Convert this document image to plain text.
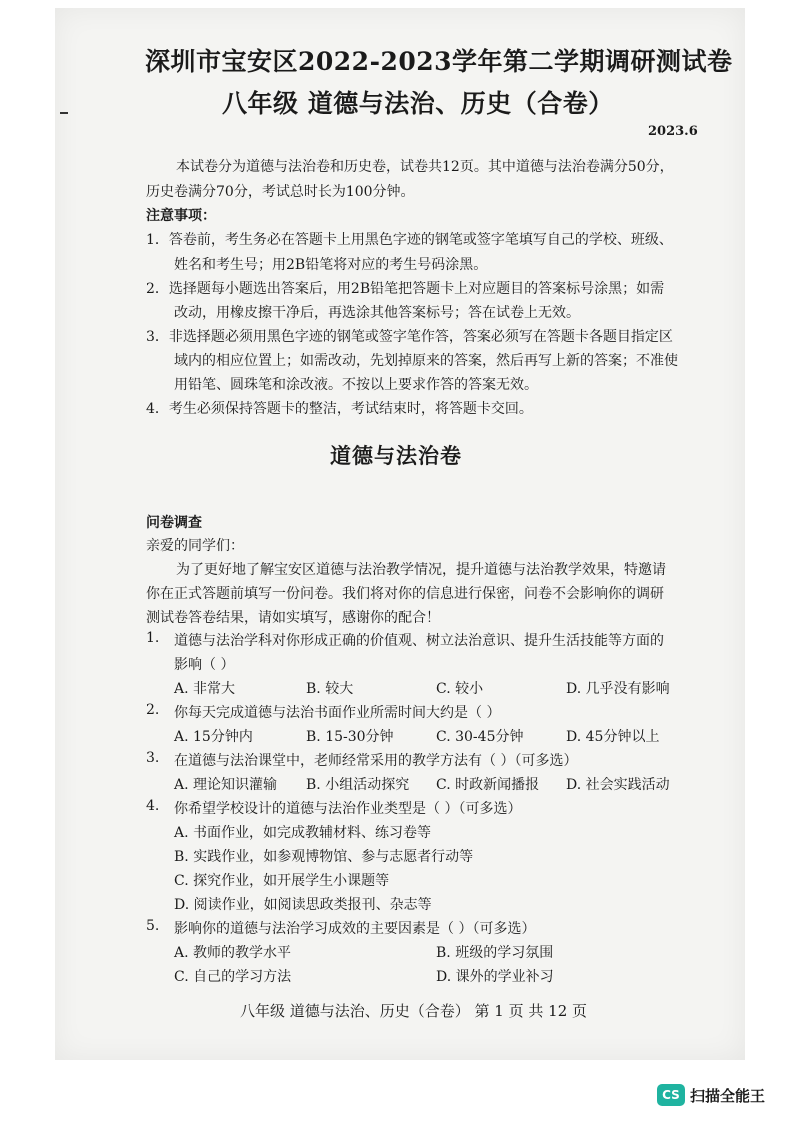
深圳市宝安区2022-2023学年第二学期调研测试卷
八年级 道德与法治、历史（合卷）
2023.6
本试卷分为道德与法治卷和历史卷，试卷共12页。其中道德与法治卷满分50分，
历史卷满分70分，考试总时长为100分钟。
注意事项：
1．答卷前，考生务必在答题卡上用黑色字迹的钢笔或签字笔填写自己的学校、班级、
姓名和考生号；用2B铅笔将对应的考生号码涂黑。
2．选择题每小题选出答案后，用2B铅笔把答题卡上对应题目的答案标号涂黑；如需
改动，用橡皮擦干净后，再选涂其他答案标号；答在试卷上无效。
3．非选择题必须用黑色字迹的钢笔或签字笔作答，答案必须写在答题卡各题目指定区
域内的相应位置上；如需改动，先划掉原来的答案，然后再写上新的答案；不准使
用铅笔、圆珠笔和涂改液。不按以上要求作答的答案无效。
4．考生必须保持答题卡的整洁，考试结束时，将答题卡交回。
道德与法治卷
问卷调查
亲爱的同学们：
为了更好地了解宝安区道德与法治教学情况，提升道德与法治教学效果，特邀请
你在正式答题前填写一份问卷。我们将对你的信息进行保密，问卷不会影响你的调研
测试卷答卷结果，请如实填写，感谢你的配合！
1. 道德与法治学科对你形成正确的价值观、树立法治意识、提升生活技能等方面的
影响（ ）
A. 非常大	B. 较大	C. 较小	D. 几乎没有影响
2. 你每天完成道德与法治书面作业所需时间大约是（ ）
A. 15分钟内	B. 15-30分钟	C. 30-45分钟	D. 45分钟以上
3. 在道德与法治课堂中，老师经常采用的教学方法有（ ）（可多选）
A. 理论知识灌输 B. 小组活动探究 C. 时政新闻播报 D. 社会实践活动
4. 你希望学校设计的道德与法治作业类型是（ ）（可多选）
A. 书面作业，如完成教辅材料、练习卷等
B. 实践作业，如参观博物馆、参与志愿者行动等
C. 探究作业，如开展学生小课题等
D. 阅读作业，如阅读思政类报刊、杂志等
5. 影响你的道德与法治学习成效的主要因素是（ ）（可多选）
A. 教师的教学水平	B. 班级的学习氛围
C. 自己的学习方法	D. 课外的学业补习
八年级 道德与法治、历史（合卷） 第 1 页 共 12 页
CS 扫描全能王
